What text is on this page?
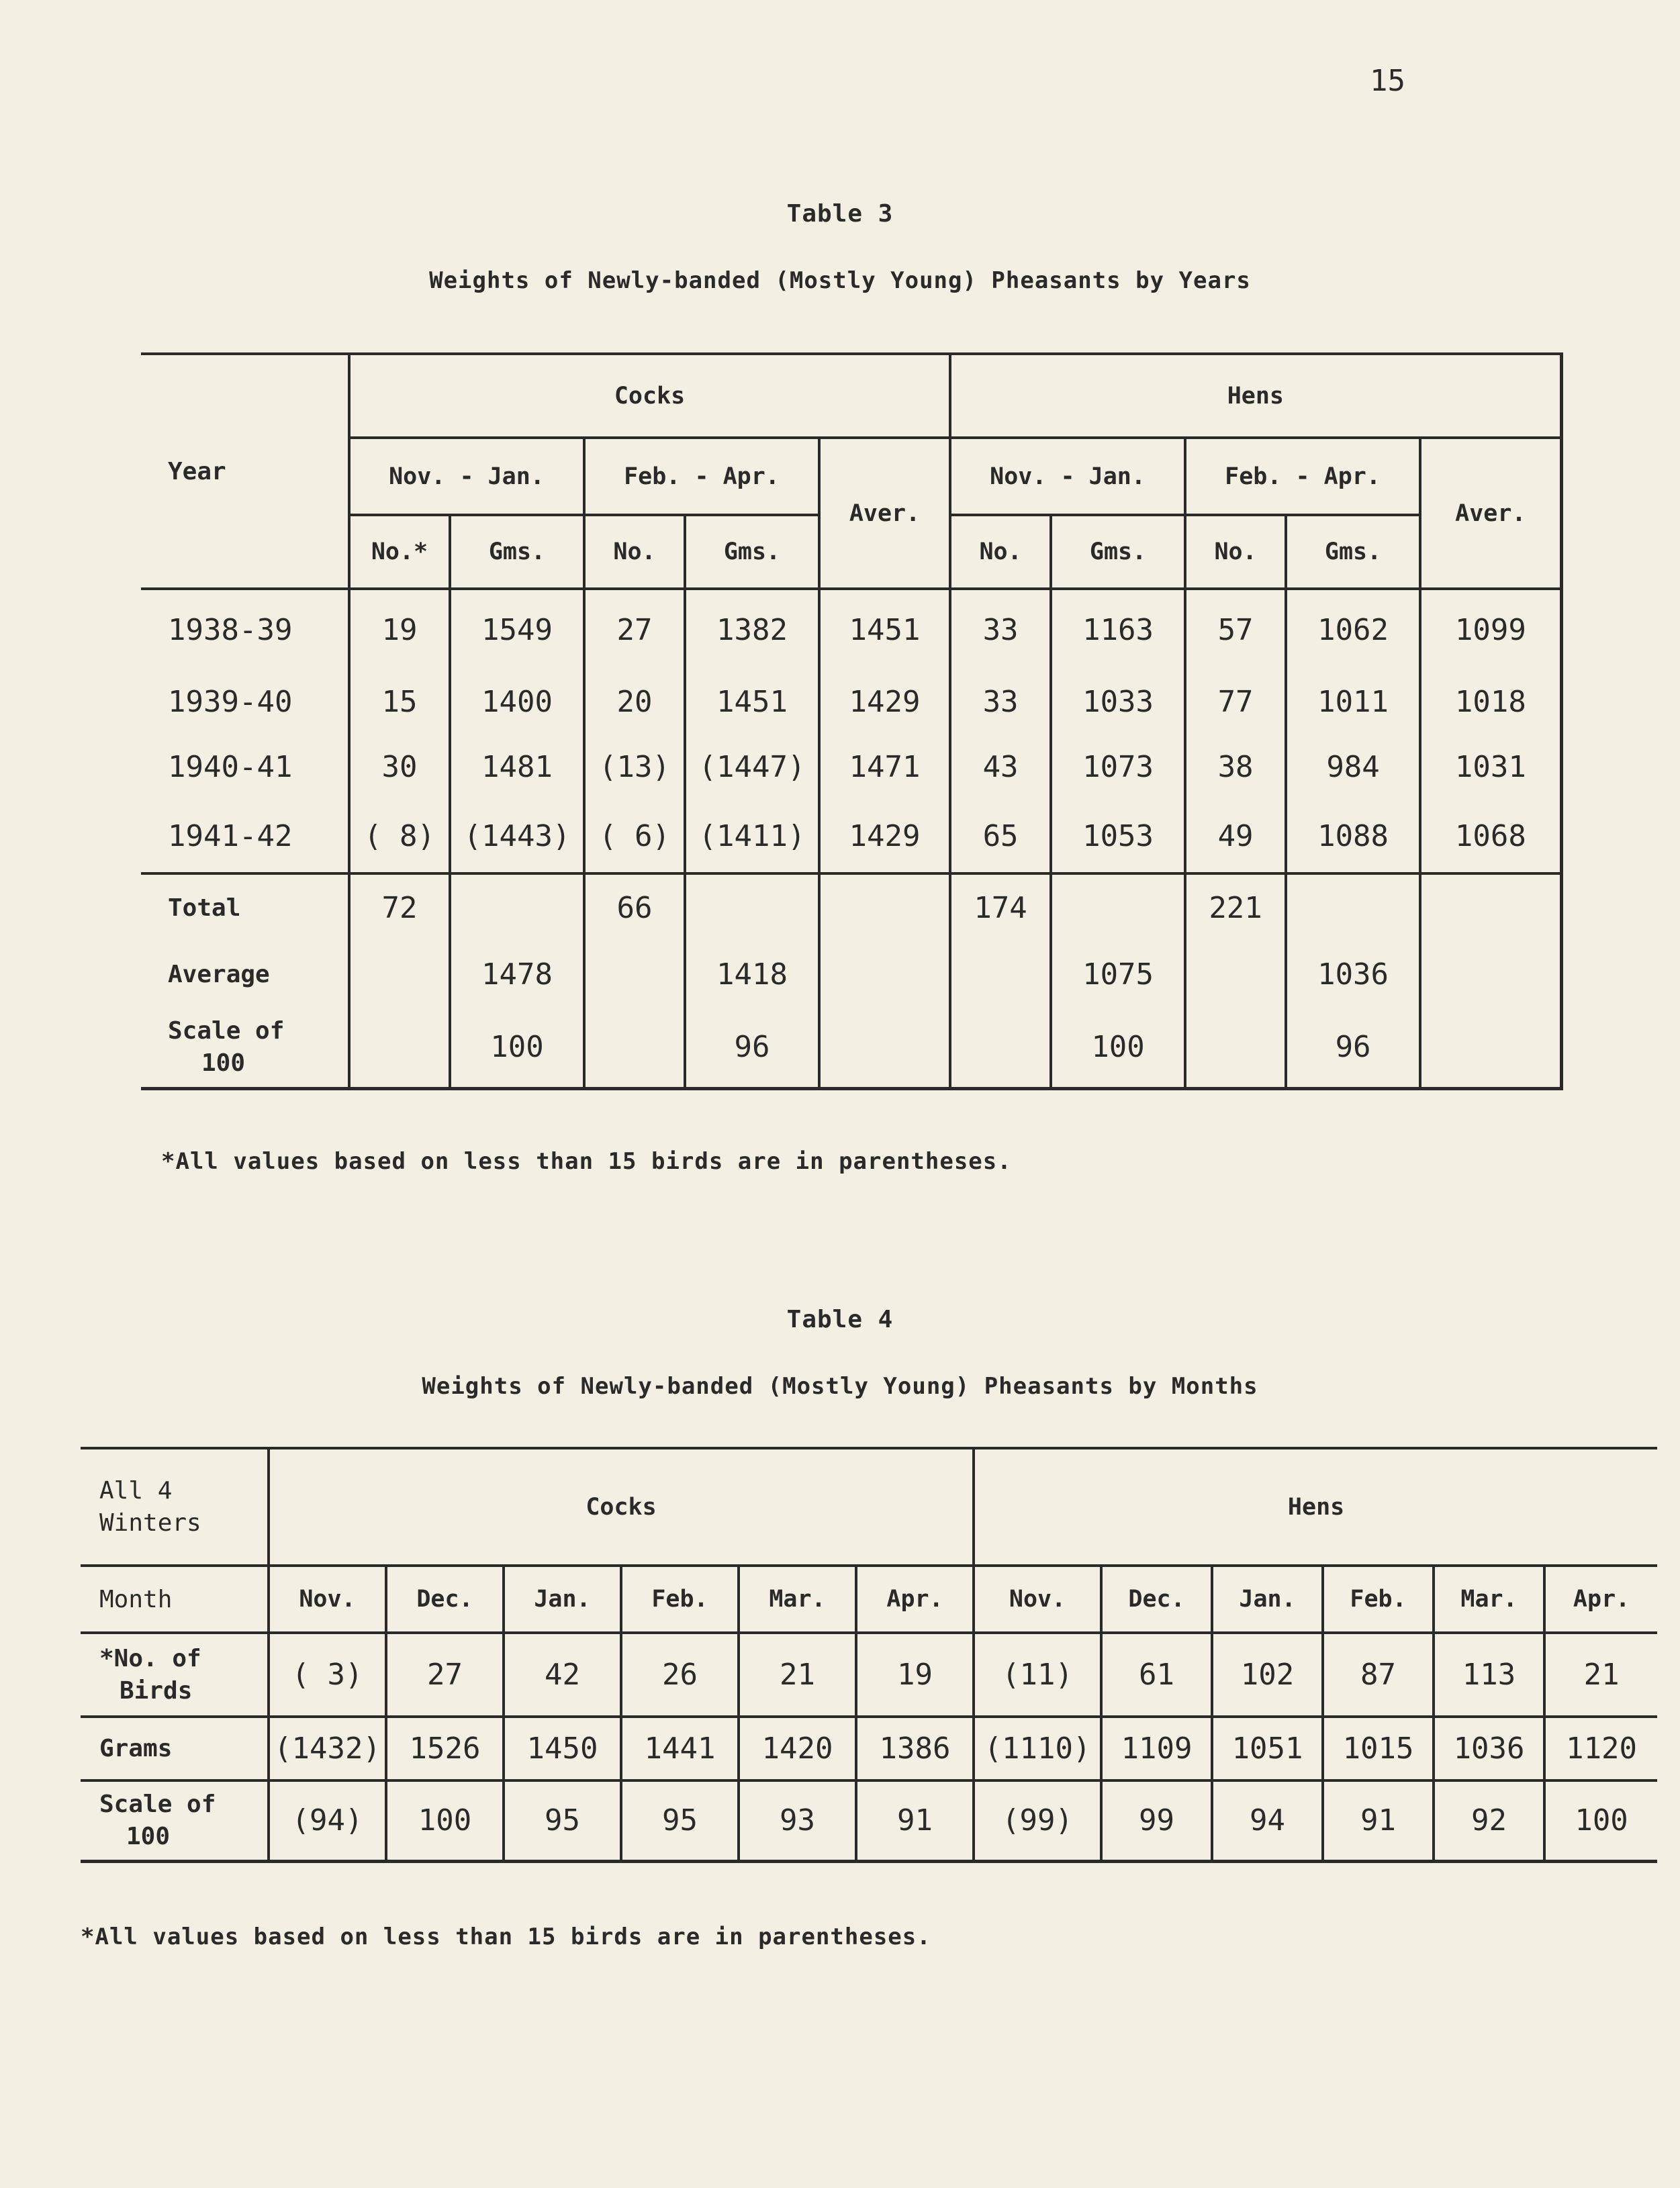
15
Table 3
Weights of Newly-banded (Mostly Young) Pheasants by Years
Year	Cocks					Hens				
	Nov. - Jan.		Feb. - Apr.		Aver.	Nov. - Jan.		Feb. - Apr.		Aver.
	No.*	Gms.	No.	Gms.		No.	Gms.	No.	Gms.	
1938-39	19	1549	27	1382	1451	33	1163	57	1062	1099
1939-40	15	1400	20	1451	1429	33	1033	77	1011	1018
1940-41	30	1481	(13)	(1447)	1471	43	1073	38	984	1031
1941-42	( 8)	(1443)	( 6)	(1411)	1429	65	1053	49	1088	1068
Total	72		66			174		221		
Average		1478		1418			1075		1036	

Scale of
100		100		96			100		96	
*All values based on less than 15 birds are in parentheses.
Table 4
Weights of Newly-banded (Mostly Young) Pheasants by Months
All 4
Winters	Cocks						Hens					
Month	Nov.	Dec.	Jan.	Feb.	Mar.	Apr.	Nov.	Dec.	Jan.	Feb.	Mar.	Apr.

*No. of
Birds	( 3)	27	42	26	21	19	(11)	61	102	87	113	21
Grams	(1432)	1526	1450	1441	1420	1386	(1110)	1109	1051	1015	1036	1120

Scale of
100	(94)	100	95	95	93	91	(99)	99	94	91	92	100
*All values based on less than 15 birds are in parentheses.
